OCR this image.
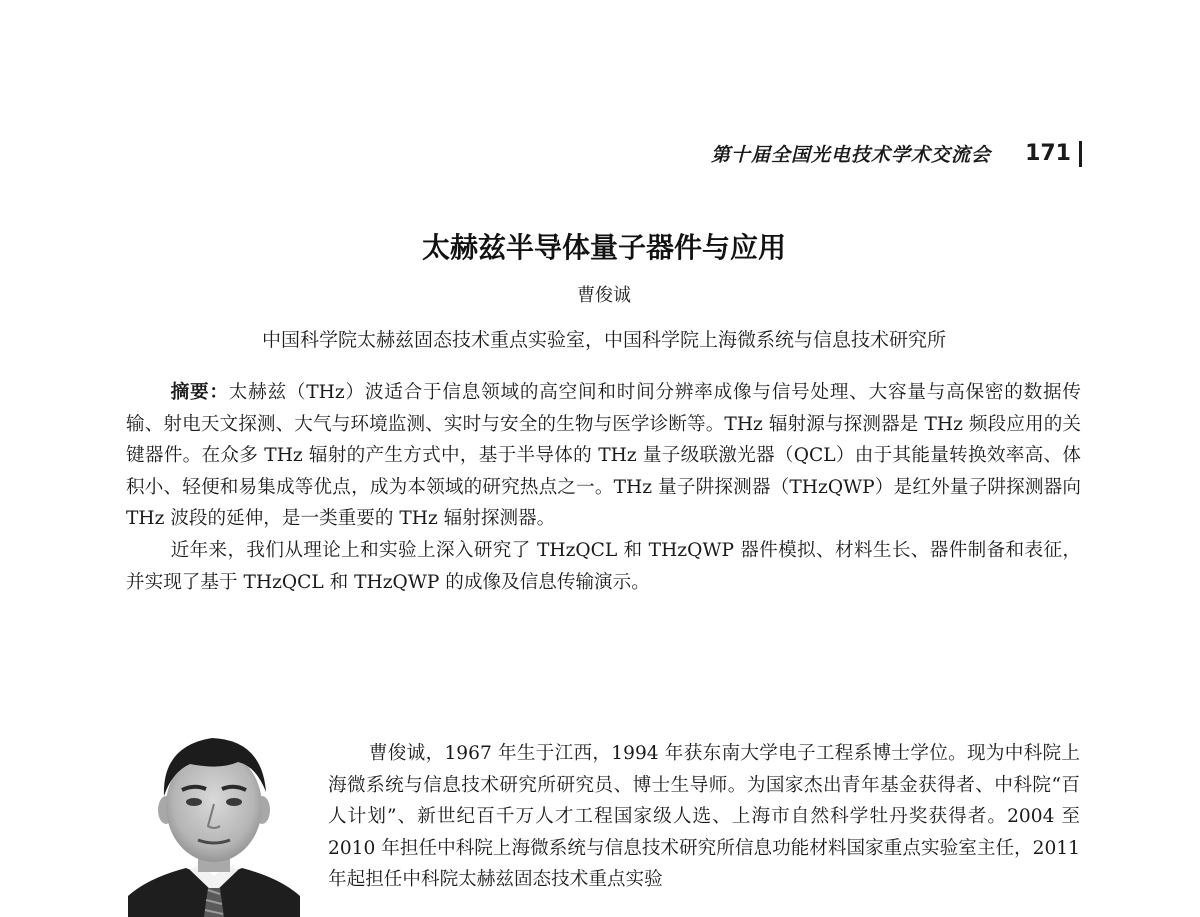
第十届全国光电技术学术交流会 171
太赫兹半导体量子器件与应用
曹俊诚
中国科学院太赫兹固态技术重点实验室，中国科学院上海微系统与信息技术研究所

摘要：太赫兹（THz）波适合于信息领域的高空间和时间分辨率成像与信号处理、大容量与高保密的数据传输、射电天文探测、大气与环境监测、实时与安全的生物与医学诊断等。THz 辐射源与探测器是 THz 频段应用的关键器件。在众多 THz 辐射的产生方式中，基于半导体的 THz 量子级联激光器（QCL）由于其能量转换效率高、体积小、轻便和易集成等优点，成为本领域的研究热点之一。THz 量子阱探测器（THzQWP）是红外量子阱探测器向 THz 波段的延伸，是一类重要的 THz 辐射探测器。

近年来，我们从理论上和实验上深入研究了 THzQCL 和 THzQWP 器件模拟、材料生长、器件制备和表征，并实现了基于 THzQCL 和 THzQWP 的成像及信息传输演示。

曹俊诚，1967 年生于江西，1994 年获东南大学电子工程系博士学位。现为中科院上海微系统与信息技术研究所研究员、博士生导师。为国家杰出青年基金获得者、中科院“百人计划”、新世纪百千万人才工程国家级人选、上海市自然科学牡丹奖获得者。2004 至 2010 年担任中科院上海微系统与信息技术研究所信息功能材料国家重点实验室主任，2011 年起担任中科院太赫兹固态技术重点实验
